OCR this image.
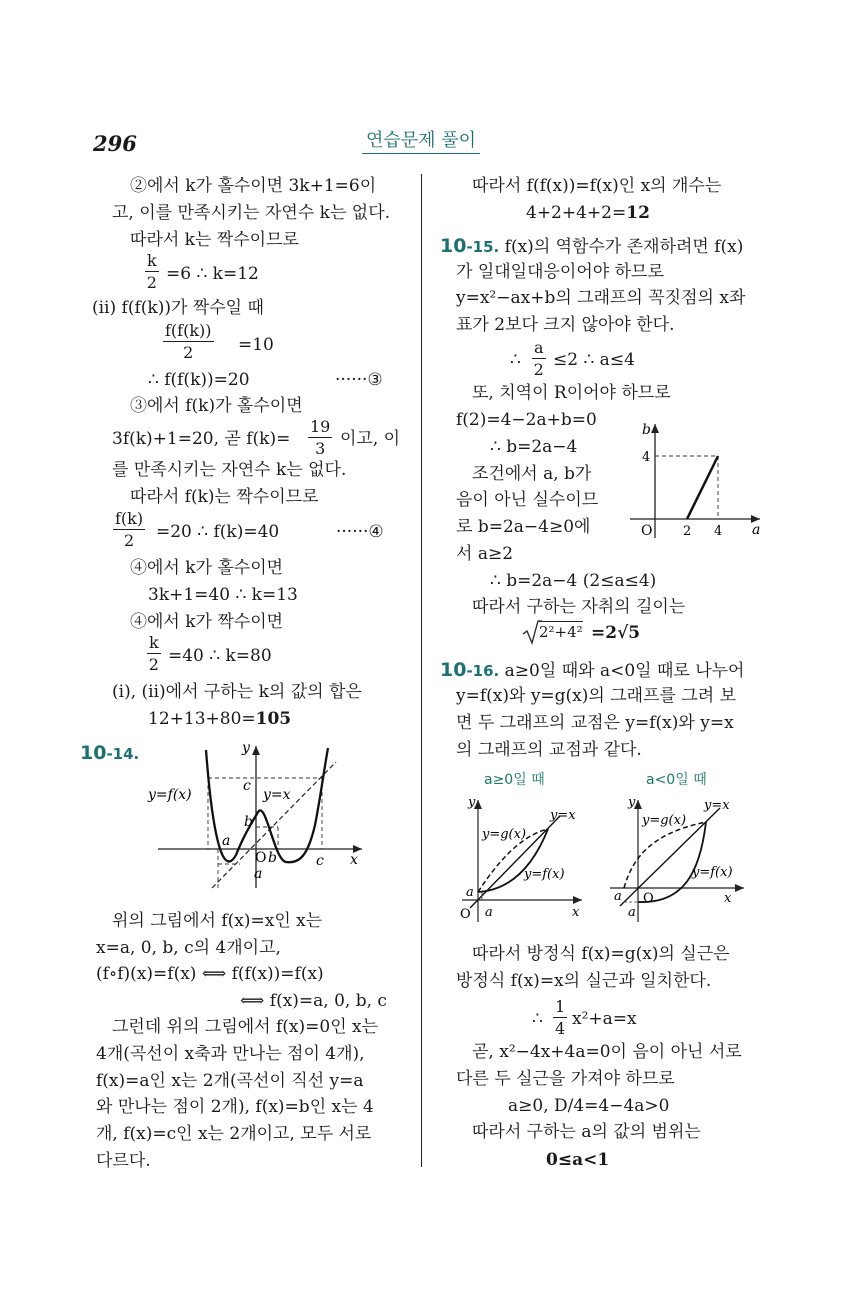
296	연습문제 풀이
②에서 k가 홀수이면 3k+1=6이
고, 이를 만족시키는 자연수 k는 없다.
따라서 k는 짝수이므로
$\frac{k}{2} =6$ ∴ k=12
(ⅱ) f(f(k))가 짝수일 때
$\frac{f(f(k))}{2} =10$
∴ f(f(k))=20	······③
③에서 f(k)가 홀수이면
3f(k)+1=20, 곧 $f(k)= \frac{19}{3}$ 이고, 이
를 만족시키는 자연수 k는 없다.
따라서 f(k)는 짝수이므로
$\frac{f(k)}{2} =20$ ∴ f(k)=40	······④
④에서 k가 홀수이면
3k+1=40 ∴ k=13
④에서 k가 짝수이면
$\frac{k}{2} =40$ ∴ k=80
(ⅰ), (ⅱ)에서 구하는 k의 값의 합은
12+13+80=105
10-14.	y
x
y=f(x)	y=x
c
b
a
O b	c
a
위의 그림에서 f(x)=x인 x는
x=a, 0, b, c의 4개이고,
(f∘f)(x)=f(x) ⟺ f(f(x))=f(x)
⟺ f(x)=a, 0, b, c
그런데 위의 그림에서 f(x)=0인 x는
4개(곡선이 x축과 만나는 점이 4개),
f(x)=a인 x는 2개(곡선이 직선 y=a
와 만나는 점이 2개), f(x)=b인 x는 4
개, f(x)=c인 x는 2개이고, 모두 서로
다르다.
따라서 f(f(x))=f(x)인 x의 개수는
4+2+4+2=12
10-15. f(x)의 역함수가 존재하려면 f(x)
가 일대일대응이어야 하므로
y=x²−ax+b의 그래프의 꼭짓점의 x좌
표가 2보다 크지 않아야 한다.
∴ $\frac{a}{2} \le 2$ ∴ a≤4
또, 치역이 R이어야 하므로
f(2)=4−2a+b=0
∴ b=2a−4
조건에서 a, b가
음이 아닌 실수이므
로 b=2a−4≥0에
서 a≥2
∴ b=2a−4 (2≤a≤4)
따라서 구하는 자취의 길이는
2²+4² =2√5
b
a
4
O 2 4
10-16. a≥0일 때와 a<0일 때로 나누어
y=f(x)와 y=g(x)의 그래프를 그려 보
면 두 그래프의 교점은 y=f(x)와 y=x
의 그래프의 교점과 같다.
a≥0일 때	a<0일 때
y
x
y=x
y=g(x)
y=f(x)
a
O a
y
x
y=x
y=g(x)
y=f(x)
a O
a
따라서 방정식 f(x)=g(x)의 실근은
방정식 f(x)=x의 실근과 일치한다.
∴ $\frac{1}{4} x^2+a=x$
곧, x²−4x+4a=0이 음이 아닌 서로
다른 두 실근을 가져야 하므로
a≥0, D/4=4−4a>0
따라서 구하는 a의 값의 범위는
0≤a<1
